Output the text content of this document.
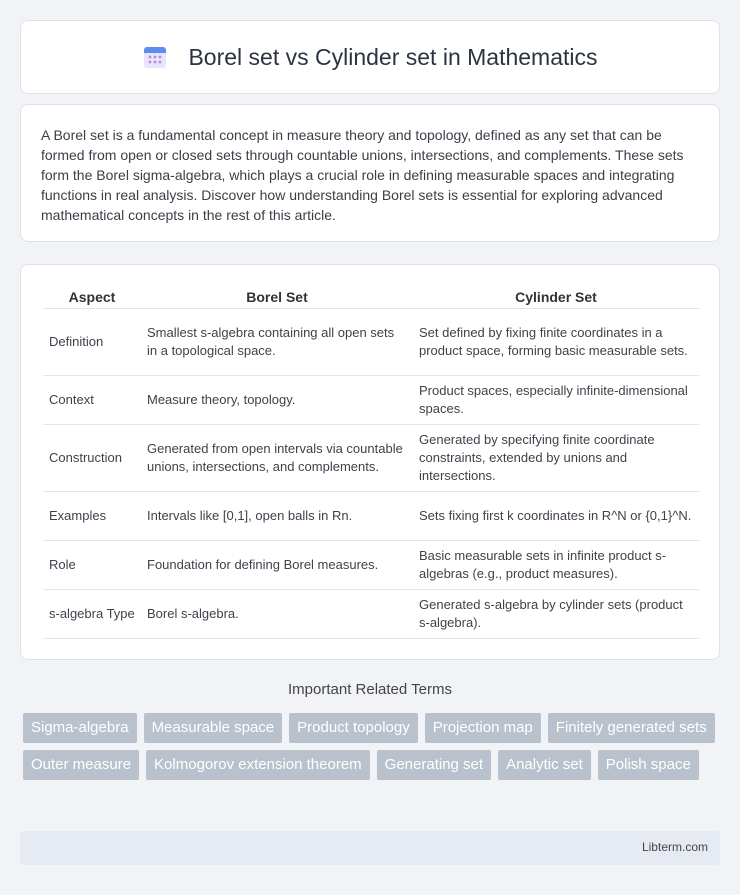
Borel set vs Cylinder set in Mathematics

A Borel set is a fundamental concept in measure theory and topology, defined as any set that can be formed from open or closed sets through countable unions, intersections, and complements. These sets form the Borel sigma-algebra, which plays a crucial role in defining measurable spaces and integrating functions in real analysis. Discover how understanding Borel sets is essential for exploring advanced mathematical concepts in the rest of this article.

Aspect	Borel Set	Cylinder Set
Definition	Smallest s-algebra containing all open sets in a topological space.	Set defined by fixing finite coordinates in a product space, forming basic measurable sets.
Context	Measure theory, topology.	Product spaces, especially infinite-dimensional spaces.
Construction	Generated from open intervals via countable unions, intersections, and complements.	Generated by specifying finite coordinate constraints, extended by unions and intersections.
Examples	Intervals like [0,1], open balls in Rn.	Sets fixing first k coordinates in R^N or {0,1}^N.
Role	Foundation for defining Borel measures.	Basic measurable sets in infinite product s-algebras (e.g., product measures).
s-algebra Type	Borel s-algebra.	Generated s-algebra by cylinder sets (product s-algebra).
Important Related Terms
Sigma-algebra	Measurable space	Product topology	Projection map	Finitely generated sets
Outer measure	Kolmogorov extension theorem	Generating set	Analytic set	Polish space
Libterm.com
